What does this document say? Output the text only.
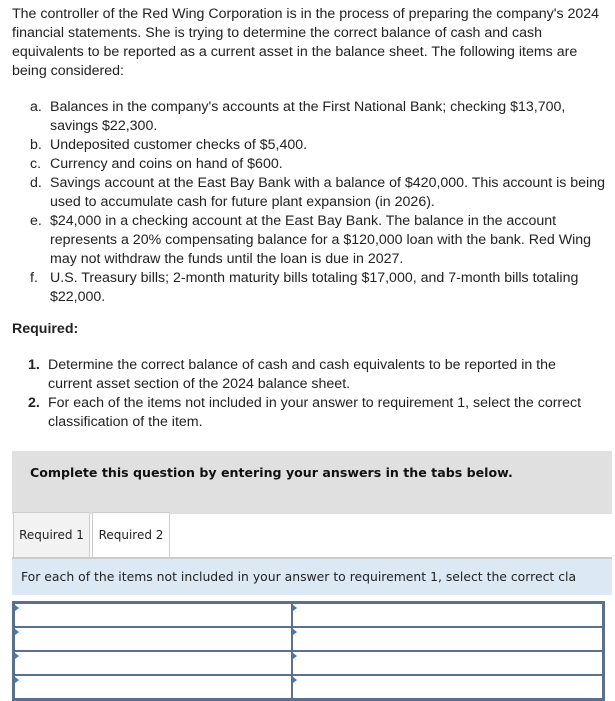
The controller of the Red Wing Corporation is in the process of preparing the company's 2024 financial statements. She is trying to determine the correct balance of cash and cash equivalents to be reported as a current asset in the balance sheet. The following items are being considered:
a. Balances in the company's accounts at the First National Bank; checking $13,700, savings $22,300.
b. Undeposited customer checks of $5,400.
c. Currency and coins on hand of $600.
d. Savings account at the East Bay Bank with a balance of $420,000. This account is being used to accumulate cash for future plant expansion (in 2026).
e. $24,000 in a checking account at the East Bay Bank. The balance in the account represents a 20% compensating balance for a $120,000 loan with the bank. Red Wing may not withdraw the funds until the loan is due in 2027.
f. U.S. Treasury bills; 2-month maturity bills totaling $17,000, and 7-month bills totaling $22,000.
Required:
1. Determine the correct balance of cash and cash equivalents to be reported in the current asset section of the 2024 balance sheet.
2. For each of the items not included in your answer to requirement 1, select the correct classification of the item.
Complete this question by entering your answers in the tabs below.
Required 1	Required 2
For each of the items not included in your answer to requirement 1, select the correct cla
